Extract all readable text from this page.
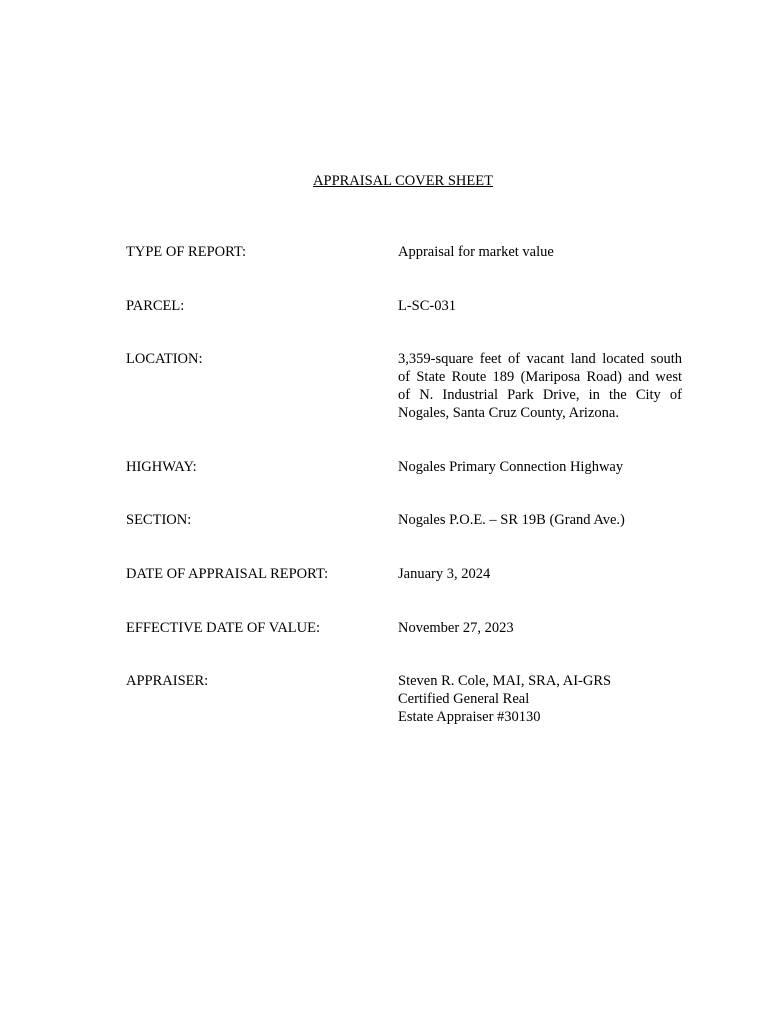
APPRAISAL COVER SHEET
TYPE OF REPORT:	Appraisal for market value
PARCEL:	L-SC-031
LOCATION:	3,359-square feet of vacant land located south
of State Route 189 (Mariposa Road) and west
of N. Industrial Park Drive, in the City of
Nogales, Santa Cruz County, Arizona.
HIGHWAY:	Nogales Primary Connection Highway
SECTION:	Nogales P.O.E. – SR 19B (Grand Ave.)
DATE OF APPRAISAL REPORT:	January 3, 2024
EFFECTIVE DATE OF VALUE:	November 27, 2023
APPRAISER:	Steven R. Cole, MAI, SRA, AI-GRS
Certified General Real
Estate Appraiser #30130
